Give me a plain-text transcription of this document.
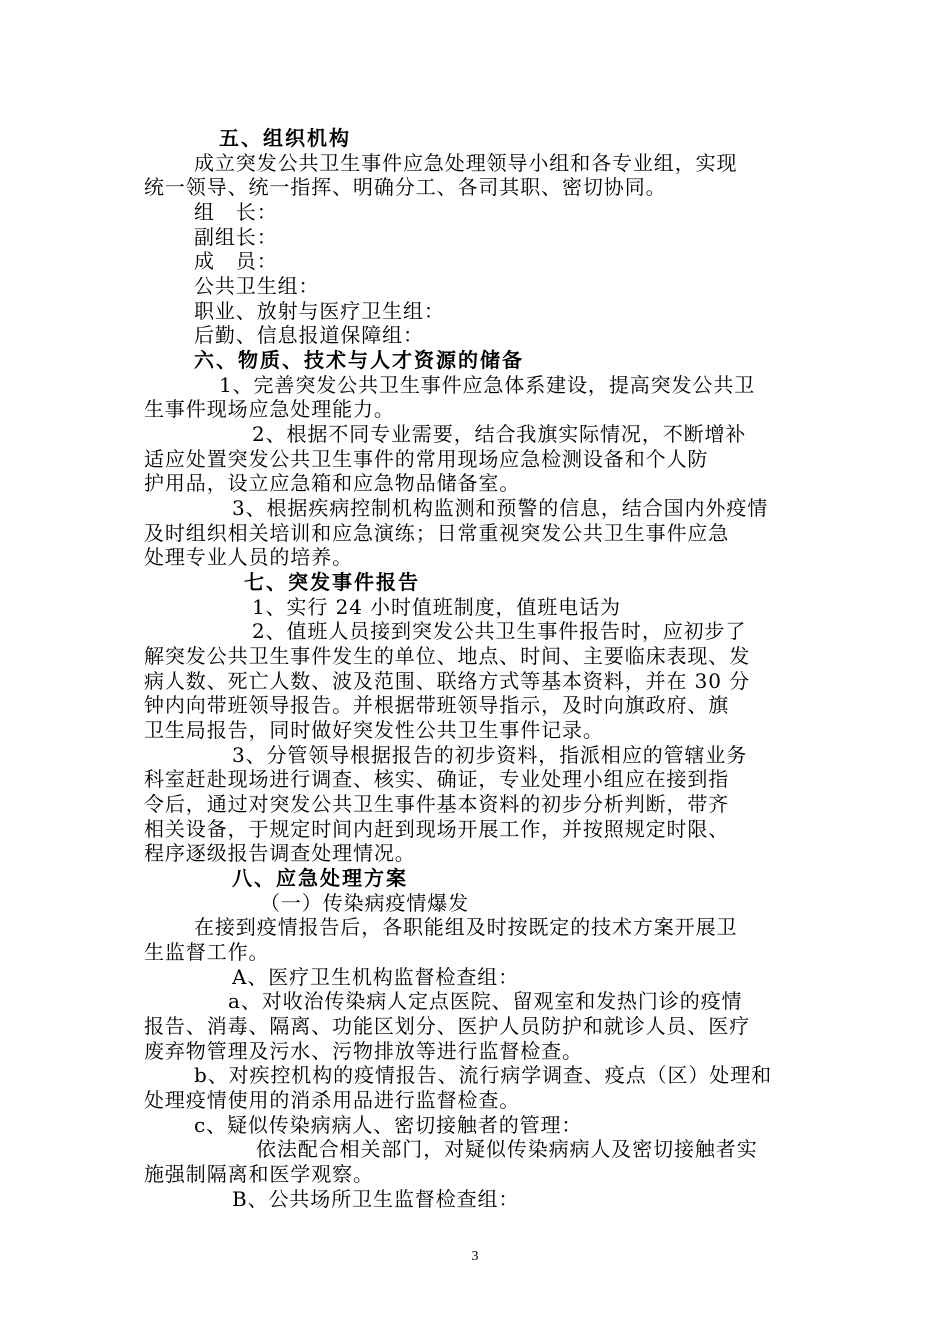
五、组织机构
成立突发公共卫生事件应急处理领导小组和各专业组，实现
统一领导、统一指挥、明确分工、各司其职、密切协同。
组　长：
副组长：
成　员：
公共卫生组：
职业、放射与医疗卫生组：
后勤、信息报道保障组：
六、物质、技术与人才资源的储备
1、完善突发公共卫生事件应急体系建设，提高突发公共卫
生事件现场应急处理能力。
2、根据不同专业需要，结合我旗实际情况，不断增补
适应处置突发公共卫生事件的常用现场应急检测设备和个人防
护用品，设立应急箱和应急物品储备室。
3、根据疾病控制机构监测和预警的信息，结合国内外疫情
及时组织相关培训和应急演练；日常重视突发公共卫生事件应急
处理专业人员的培养。
七、突发事件报告
1、实行 24 小时值班制度，值班电话为
2、值班人员接到突发公共卫生事件报告时，应初步了
解突发公共卫生事件发生的单位、地点、时间、主要临床表现、发
病人数、死亡人数、波及范围、联络方式等基本资料，并在 30 分
钟内向带班领导报告。并根据带班领导指示，及时向旗政府、旗
卫生局报告，同时做好突发性公共卫生事件记录。
3、分管领导根据报告的初步资料，指派相应的管辖业务
科室赶赴现场进行调查、核实、确证，专业处理小组应在接到指
令后，通过对突发公共卫生事件基本资料的初步分析判断，带齐
相关设备，于规定时间内赶到现场开展工作，并按照规定时限、
程序逐级报告调查处理情况。
八、应急处理方案
（一）传染病疫情爆发
在接到疫情报告后，各职能组及时按既定的技术方案开展卫
生监督工作。
A、医疗卫生机构监督检查组：
a、对收治传染病人定点医院、留观室和发热门诊的疫情
报告、消毒、隔离、功能区划分、医护人员防护和就诊人员、医疗
废弃物管理及污水、污物排放等进行监督检查。
b、对疾控机构的疫情报告、流行病学调查、疫点（区）处理和
处理疫情使用的消杀用品进行监督检查。
c、疑似传染病病人、密切接触者的管理：
依法配合相关部门，对疑似传染病病人及密切接触者实
施强制隔离和医学观察。
B、公共场所卫生监督检查组：
3
